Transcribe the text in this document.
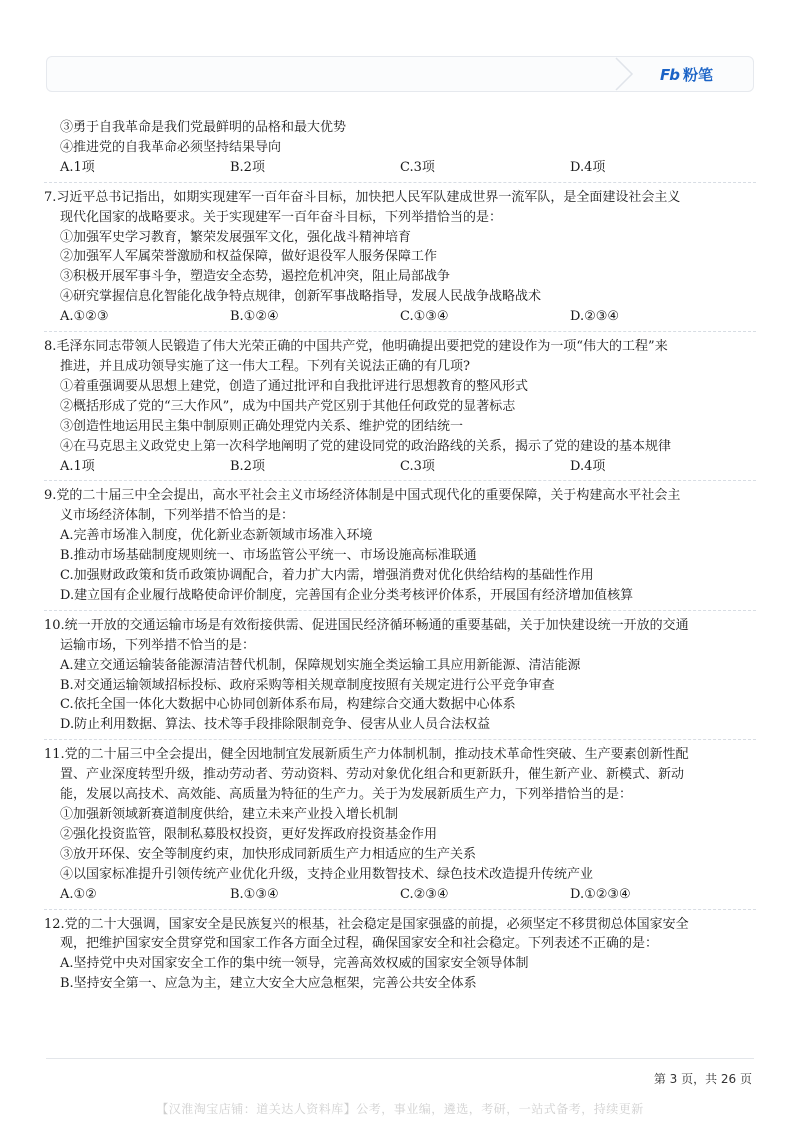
Fb 粉笔
③勇于自我革命是我们党最鲜明的品格和最大优势
④推进党的自我革命必须坚持结果导向
A.1项	B.2项	C.3项	D.4项
7.习近平总书记指出，如期实现建军一百年奋斗目标，加快把人民军队建成世界一流军队，是全面建设社会主义
现代化国家的战略要求。关于实现建军一百年奋斗目标，下列举措恰当的是：
①加强军史学习教育，繁荣发展强军文化，强化战斗精神培育
②加强军人军属荣誉激励和权益保障，做好退役军人服务保障工作
③积极开展军事斗争，塑造安全态势，遏控危机冲突，阻止局部战争
④研究掌握信息化智能化战争特点规律，创新军事战略指导，发展人民战争战略战术
A.①②③	B.①②④	C.①③④	D.②③④
8.毛泽东同志带领人民锻造了伟大光荣正确的中国共产党，他明确提出要把党的建设作为一项“伟大的工程”来
推进，并且成功领导实施了这一伟大工程。下列有关说法正确的有几项?
①着重强调要从思想上建党，创造了通过批评和自我批评进行思想教育的整风形式
②概括形成了党的“三大作风”，成为中国共产党区别于其他任何政党的显著标志
③创造性地运用民主集中制原则正确处理党内关系、维护党的团结统一
④在马克思主义政党史上第一次科学地阐明了党的建设同党的政治路线的关系，揭示了党的建设的基本规律
A.1项	B.2项	C.3项	D.4项
9.党的二十届三中全会提出，高水平社会主义市场经济体制是中国式现代化的重要保障，关于构建高水平社会主
义市场经济体制，下列举措不恰当的是：
A.完善市场准入制度，优化新业态新领域市场准入环境
B.推动市场基础制度规则统一、市场监管公平统一、市场设施高标准联通
C.加强财政政策和货币政策协调配合，着力扩大内需，增强消费对优化供给结构的基础性作用
D.建立国有企业履行战略使命评价制度，完善国有企业分类考核评价体系，开展国有经济增加值核算
10.统一开放的交通运输市场是有效衔接供需、促进国民经济循环畅通的重要基础，关于加快建设统一开放的交通
运输市场，下列举措不恰当的是：
A.建立交通运输装备能源清洁替代机制，保障规划实施全类运输工具应用新能源、清洁能源
B.对交通运输领域招标投标、政府采购等相关规章制度按照有关规定进行公平竞争审查
C.依托全国一体化大数据中心协同创新体系布局，构建综合交通大数据中心体系
D.防止利用数据、算法、技术等手段排除限制竞争、侵害从业人员合法权益
11.党的二十届三中全会提出，健全因地制宜发展新质生产力体制机制，推动技术革命性突破、生产要素创新性配
置、产业深度转型升级，推动劳动者、劳动资料、劳动对象优化组合和更新跃升，催生新产业、新模式、新动
能，发展以高技术、高效能、高质量为特征的生产力。关于为发展新质生产力，下列举措恰当的是：
①加强新领域新赛道制度供给，建立未来产业投入增长机制
②强化投资监管，限制私募股权投资，更好发挥政府投资基金作用
③放开环保、安全等制度约束，加快形成同新质生产力相适应的生产关系
④以国家标准提升引领传统产业优化升级，支持企业用数智技术、绿色技术改造提升传统产业
A.①②	B.①③④	C.②③④	D.①②③④
12.党的二十大强调，国家安全是民族复兴的根基，社会稳定是国家强盛的前提，必须坚定不移贯彻总体国家安全
观，把维护国家安全贯穿党和国家工作各方面全过程，确保国家安全和社会稳定。下列表述不正确的是：
A.坚持党中央对国家安全工作的集中统一领导，完善高效权威的国家安全领导体制
B.坚持安全第一、应急为主，建立大安全大应急框架，完善公共安全体系
第 3 页，共 26 页
【汉淮淘宝店铺：道关达人资料库】公考，事业编，遴选，考研，一站式备考，持续更新
